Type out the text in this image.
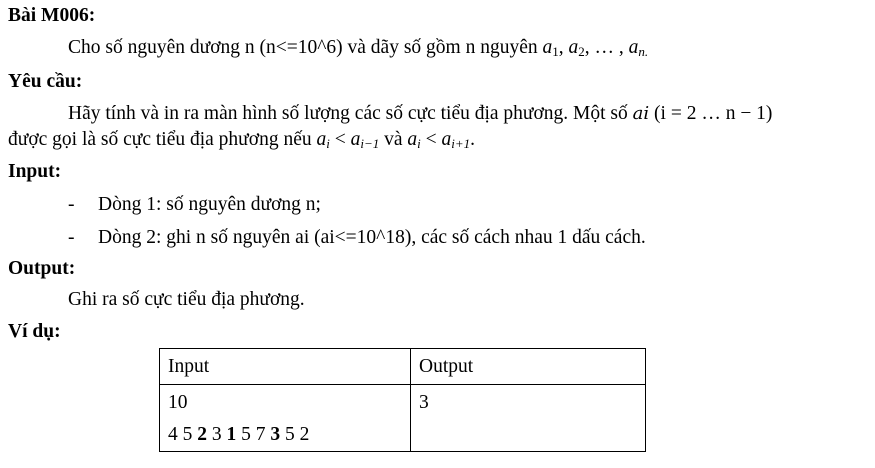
Bài M006:
Cho số nguyên dương n (n<=10^6) và dãy số gồm n nguyên $a_1$, $a_2$, … , $a_{n.}$
Yêu cầu:
Hãy tính và in ra màn hình số lượng các số cực tiểu địa phương. Một số ai (i = 2 … n − 1)
được gọi là số cực tiểu địa phương nếu $a_i < a_{i-1}$ và $a_i < a_{i+1}$.
Input:
- Dòng 1: số nguyên dương n;
- Dòng 2: ghi n số nguyên ai (ai<=10^18), các số cách nhau 1 dấu cách.
Output:
Ghi ra số cực tiểu địa phương.
Ví dụ:
Input	Output

10
4 5 2 3 1 5 7 3 5 2	3
